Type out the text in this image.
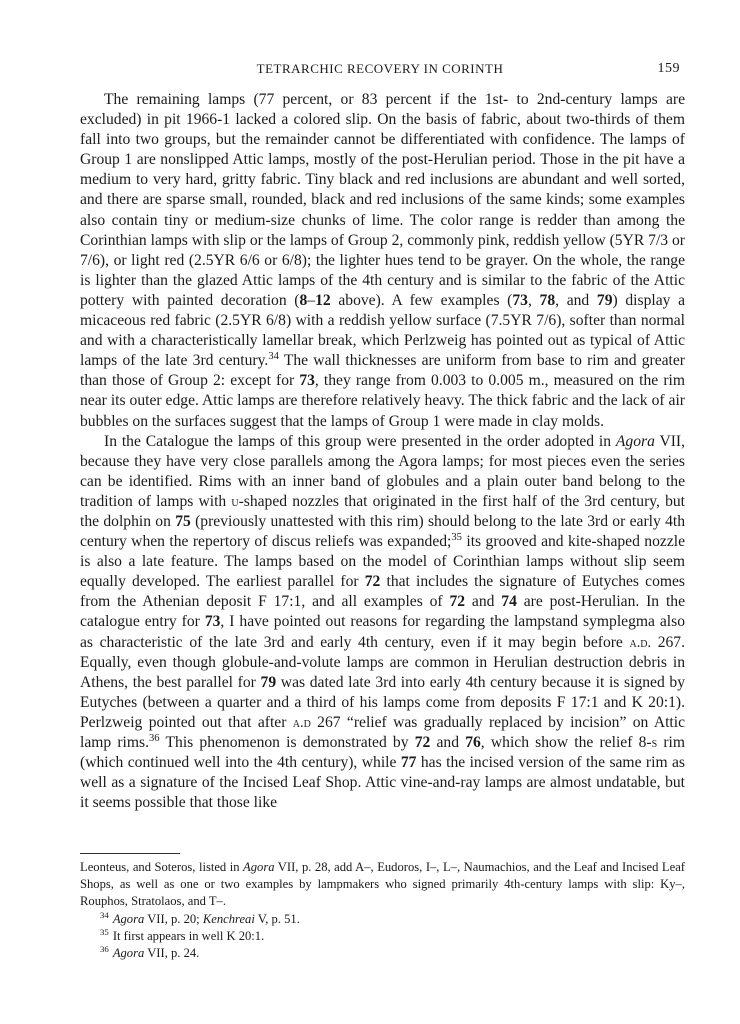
TETRARCHIC RECOVERY IN CORINTH	159

The remaining lamps (77 percent, or 83 percent if the 1st- to 2nd-century lamps are excluded) in pit 1966-1 lacked a colored slip. On the basis of fabric, about two-thirds of them fall into two groups, but the remainder cannot be differentiated with confidence. The lamps of Group 1 are nonslipped Attic lamps, mostly of the post-Herulian period. Those in the pit have a medium to very hard, gritty fabric. Tiny black and red inclusions are abundant and well sorted, and there are sparse small, rounded, black and red inclusions of the same kinds; some examples also contain tiny or medium-size chunks of lime. The color range is redder than among the Corinthian lamps with slip or the lamps of Group 2, commonly pink, reddish yellow (5YR 7/3 or 7/6), or light red (2.5YR 6/6 or 6/8); the lighter hues tend to be grayer. On the whole, the range is lighter than the glazed Attic lamps of the 4th century and is similar to the fabric of the Attic pottery with painted decoration (8–12 above). A few examples (73, 78, and 79) display a micaceous red fabric (2.5YR 6/8) with a reddish yellow surface (7.5YR 7/6), softer than normal and with a characteristically lamellar break, which Perlzweig has pointed out as typical of Attic lamps of the late 3rd century.$^{34}$ The wall thicknesses are uniform from base to rim and greater than those of Group 2: except for 73, they range from 0.003 to 0.005 m., measured on the rim near its outer edge. Attic lamps are therefore relatively heavy. The thick fabric and the lack of air bubbles on the surfaces suggest that the lamps of Group 1 were made in clay molds.

In the Catalogue the lamps of this group were presented in the order adopted in Agora VII, because they have very close parallels among the Agora lamps; for most pieces even the series can be identified. Rims with an inner band of globules and a plain outer band belong to the tradition of lamps with u-shaped nozzles that originated in the first half of the 3rd century, but the dolphin on 75 (previously unattested with this rim) should belong to the late 3rd or early 4th century when the repertory of discus reliefs was expanded;$^{35}$ its grooved and kite-shaped nozzle is also a late feature. The lamps based on the model of Corinthian lamps without slip seem equally developed. The earliest parallel for 72 that includes the signature of Eutyches comes from the Athenian deposit F 17:1, and all examples of 72 and 74 are post-Herulian. In the catalogue entry for 73, I have pointed out reasons for regarding the lampstand symplegma also as characteristic of the late 3rd and early 4th century, even if it may begin before a.d. 267. Equally, even though globule-and-volute lamps are common in Herulian destruction debris in Athens, the best parallel for 79 was dated late 3rd into early 4th century because it is signed by Eutyches (between a quarter and a third of his lamps come from deposits F 17:1 and K 20:1). Perlzweig pointed out that after a.d 267 “relief was gradually replaced by incision” on Attic lamp rims.$^{36}$ This phenomenon is demonstrated by 72 and 76, which show the relief 8-s rim (which continued well into the 4th century), while 77 has the incised version of the same rim as well as a signature of the Incised Leaf Shop. Attic vine-and-ray lamps are almost undatable, but it seems possible that those like

Leonteus, and Soteros, listed in Agora VII, p. 28, add A–, Eudoros, I–, L–, Naumachios, and the Leaf and Incised Leaf Shops, as well as one or two examples by lampmakers who signed primarily 4th-century lamps with slip: Ky–, Rouphos, Stratolaos, and T–.

$^{34}$ Agora VII, p. 20; Kenchreai V, p. 51.

$^{35}$ It first appears in well K 20:1.

$^{36}$ Agora VII, p. 24.
